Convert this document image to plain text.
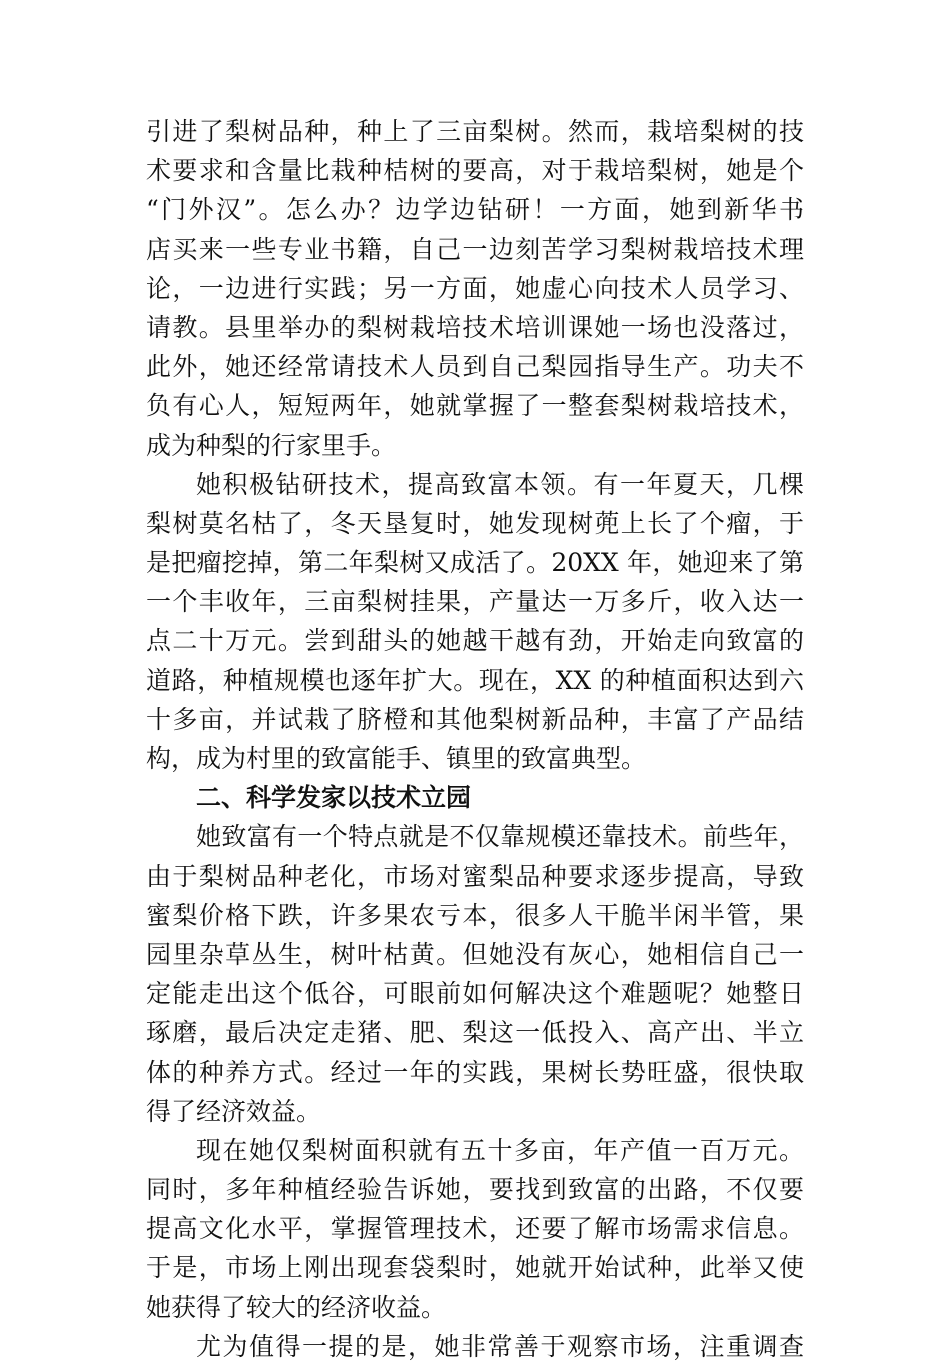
引进了梨树品种，种上了三亩梨树。然而，栽培梨树的技
术要求和含量比栽种桔树的要高，对于栽培梨树，她是个
“门外汉”。怎么办？边学边钻研！一方面，她到新华书
店买来一些专业书籍，自己一边刻苦学习梨树栽培技术理
论，一边进行实践；另一方面，她虚心向技术人员学习、
请教。县里举办的梨树栽培技术培训课她一场也没落过，
此外，她还经常请技术人员到自己梨园指导生产。功夫不
负有心人，短短两年，她就掌握了一整套梨树栽培技术，
成为种梨的行家里手。
她积极钻研技术，提高致富本领。有一年夏天，几棵
梨树莫名枯了，冬天垦复时，她发现树蔸上长了个瘤，于
是把瘤挖掉，第二年梨树又成活了。20XX 年，她迎来了第
一个丰收年，三亩梨树挂果，产量达一万多斤，收入达一
点二十万元。尝到甜头的她越干越有劲，开始走向致富的
道路，种植规模也逐年扩大。现在，XX 的种植面积达到六
十多亩，并试栽了脐橙和其他梨树新品种，丰富了产品结
构，成为村里的致富能手、镇里的致富典型。
二、科学发家以技术立园
她致富有一个特点就是不仅靠规模还靠技术。前些年，
由于梨树品种老化，市场对蜜梨品种要求逐步提高，导致
蜜梨价格下跌，许多果农亏本，很多人干脆半闲半管，果
园里杂草丛生，树叶枯黄。但她没有灰心，她相信自己一
定能走出这个低谷，可眼前如何解决这个难题呢？她整日
琢磨，最后决定走猪、肥、梨这一低投入、高产出、半立
体的种养方式。经过一年的实践，果树长势旺盛，很快取
得了经济效益。
现在她仅梨树面积就有五十多亩，年产值一百万元。
同时，多年种植经验告诉她，要找到致富的出路，不仅要
提高文化水平，掌握管理技术，还要了解市场需求信息。
于是，市场上刚出现套袋梨时，她就开始试种，此举又使
她获得了较大的经济收益。
尤为值得一提的是，她非常善于观察市场，注重调查
